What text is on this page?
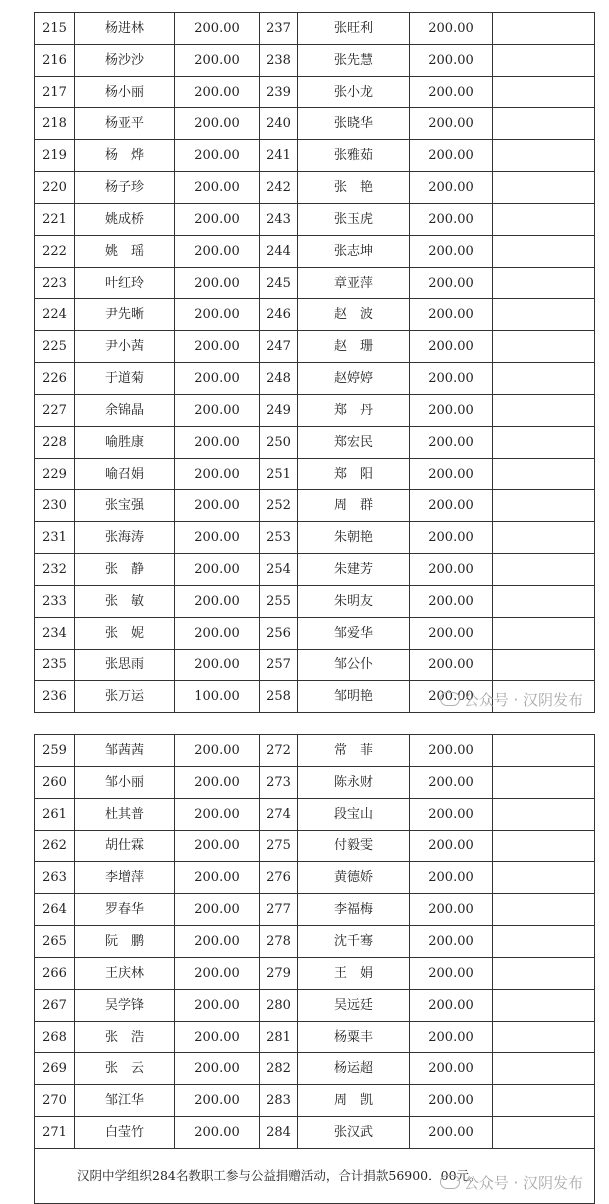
215	杨进林	200.00	237	张旺利	200.00	
216	杨沙沙	200.00	238	张先慧	200.00	
217	杨小丽	200.00	239	张小龙	200.00	
218	杨亚平	200.00	240	张晓华	200.00	
219	杨　烨	200.00	241	张雅茹	200.00	
220	杨子珍	200.00	242	张　艳	200.00	
221	姚成桥	200.00	243	张玉虎	200.00	
222	姚　瑶	200.00	244	张志坤	200.00	
223	叶红玲	200.00	245	章亚萍	200.00	
224	尹先晰	200.00	246	赵　波	200.00	
225	尹小茜	200.00	247	赵　珊	200.00	
226	于道菊	200.00	248	赵婷婷	200.00	
227	余锦晶	200.00	249	郑　丹	200.00	
228	喻胜康	200.00	250	郑宏民	200.00	
229	喻召娟	200.00	251	郑　阳	200.00	
230	张宝强	200.00	252	周　群	200.00	
231	张海涛	200.00	253	朱朝艳	200.00	
232	张　静	200.00	254	朱建芳	200.00	
233	张　敏	200.00	255	朱明友	200.00	
234	张　妮	200.00	256	邹爱华	200.00	
235	张思雨	200.00	257	邹公仆	200.00	
236	张万运	100.00	258	邹明艳	200.00	
259	邹茜茜	200.00	272	常　菲	200.00	
260	邹小丽	200.00	273	陈永财	200.00	
261	杜其普	200.00	274	段宝山	200.00	
262	胡仕霖	200.00	275	付毅雯	200.00	
263	李增萍	200.00	276	黄德娇	200.00	
264	罗春华	200.00	277	李福梅	200.00	
265	阮　鹏	200.00	278	沈千骞	200.00	
266	王庆林	200.00	279	王　娟	200.00	
267	吴学锋	200.00	280	吴远廷	200.00	
268	张　浩	200.00	281	杨粟丰	200.00	
269	张　云	200.00	282	杨运超	200.00	
270	邹江华	200.00	283	周　凯	200.00	
271	白莹竹	200.00	284	张汉武	200.00	
汉阴中学组织284名教职工参与公益捐赠活动，合计捐款56900．00元。						
公众号 · 汉阴发布
公众号 · 汉阴发布
